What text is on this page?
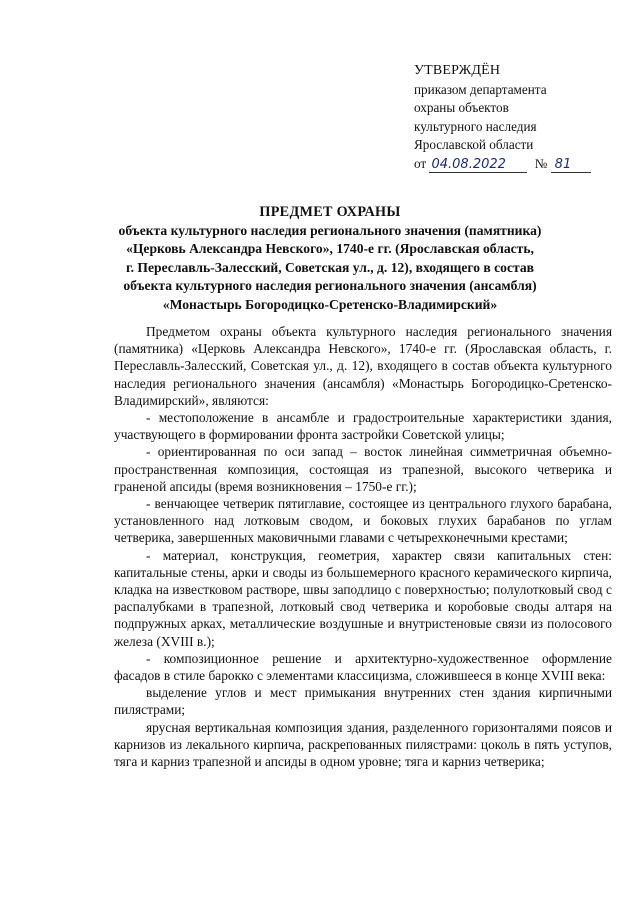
УТВЕРЖДЁН
приказом департамента
охраны объектов
культурного наследия
Ярославской области
от 04.08.2022 № 81
ПРЕДМЕТ ОХРАНЫ
объекта культурного наследия регионального значения (памятника)
«Церковь Александра Невского», 1740-е гг. (Ярославская область,
г. Переславль-Залесский, Советская ул., д. 12), входящего в состав
объекта культурного наследия регионального значения (ансамбля)
«Монастырь Богородицко-Сретенско-Владимирский»

Предметом охраны объекта культурного наследия регионального значения (памятника) «Церковь Александра Невского», 1740-е гг. (Ярославская область, г. Переславль-Залесский, Советская ул., д. 12), входящего в состав объекта культурного наследия регионального значения (ансамбля) «Монастырь Богородицко-Сретенско-Владимирский», являются:

- местоположение в ансамбле и градостроительные характеристики здания, участвующего в формировании фронта застройки Советской улицы;

- ориентированная по оси запад – восток линейная симметричная объемно-пространственная композиция, состоящая из трапезной, высокого четверика и граненой апсиды (время возникновения – 1750-е гг.);

- венчающее четверик пятиглавие, состоящее из центрального глухого барабана, установленного над лотковым сводом, и боковых глухих барабанов по углам четверика, завершенных маковичными главами с четырехконечными крестами;

- материал, конструкция, геометрия, характер связи капитальных стен: капитальные стены, арки и своды из большемерного красного керамического кирпича, кладка на известковом растворе, швы заподлицо с поверхностью; полулотковый свод с распалубками в трапезной, лотковый свод четверика и коробовые своды алтаря на подпружных арках, металлические воздушные и внутристеновые связи из полосового железа (XVIII в.);

- композиционное решение и архитектурно-художественное оформление фасадов в стиле барокко с элементами классицизма, сложившееся в конце XVIII века:

выделение углов и мест примыкания внутренних стен здания кирпичными пилястрами;

ярусная вертикальная композиция здания, разделенного горизонталями поясов и карнизов из лекального кирпича, раскрепованных пилястрами: цоколь в пять уступов, тяга и карниз трапезной и апсиды в одном уровне; тяга и карниз четверика;
